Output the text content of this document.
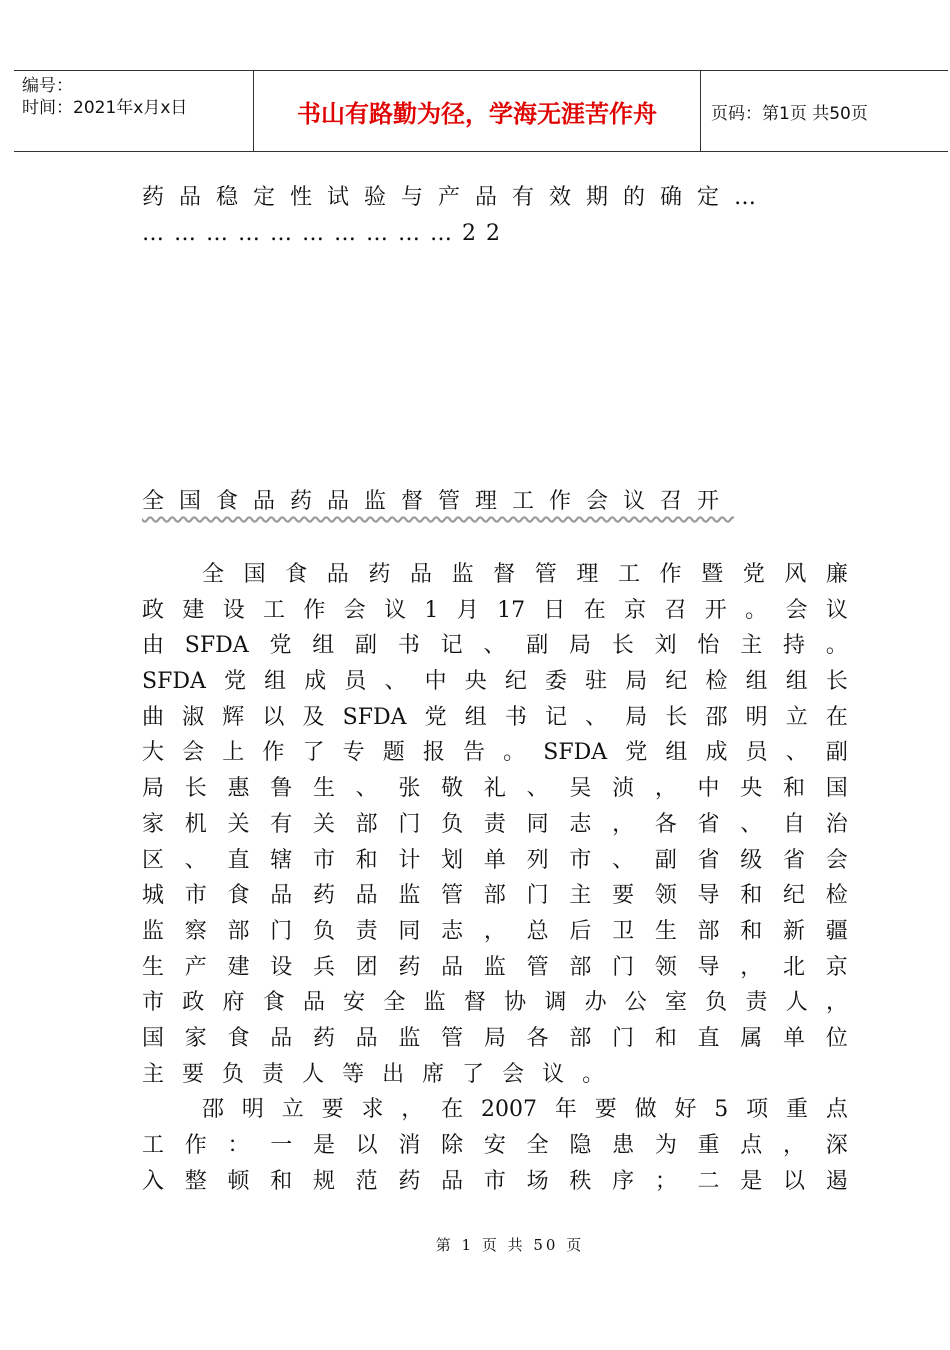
编号：
时间：2021年x月x日	书山有路勤为径，学海无涯苦作舟	页码：第1页 共50页
药品稳定性试验与产品有效期的确定…
…………………………22
全国食品药品监督管理工作会议召开
全 国 食 品 药 品 监 督 管 理 工 作 暨 党 风 廉
政 建 设 工 作 会 议 1 月 17 日 在 京 召 开 。 会 议
由 SFDA 党 组 副 书 记 、 副 局 长 刘 怡 主 持 。
SFDA 党 组 成 员 、 中 央 纪 委 驻 局 纪 检 组 组 长
曲 淑 辉 以 及 SFDA 党 组 书 记 、 局 长 邵 明 立 在
大 会 上 作 了 专 题 报 告 。 SFDA 党 组 成 员 、 副
局 长 惠 鲁 生 、 张 敬 礼 、 吴 浈 ， 中 央 和 国
家 机 关 有 关 部 门 负 责 同 志 ， 各 省 、 自 治
区 、 直 辖 市 和 计 划 单 列 市 、 副 省 级 省 会
城 市 食 品 药 品 监 管 部 门 主 要 领 导 和 纪 检
监 察 部 门 负 责 同 志 ， 总 后 卫 生 部 和 新 疆
生 产 建 设 兵 团 药 品 监 管 部 门 领 导 ， 北 京
市 政 府 食 品 安 全 监 督 协 调 办 公 室 负 责 人 ，
国 家 食 品 药 品 监 管 局 各 部 门 和 直 属 单 位
主 要 负 责 人 等 出 席 了 会 议 。
邵 明 立 要 求 ， 在 2007 年 要 做 好 5 项 重 点
工 作 ： 一 是 以 消 除 安 全 隐 患 为 重 点 ， 深
入 整 顿 和 规 范 药 品 市 场 秩 序 ； 二 是 以 遏
第 1 页 共 50 页
